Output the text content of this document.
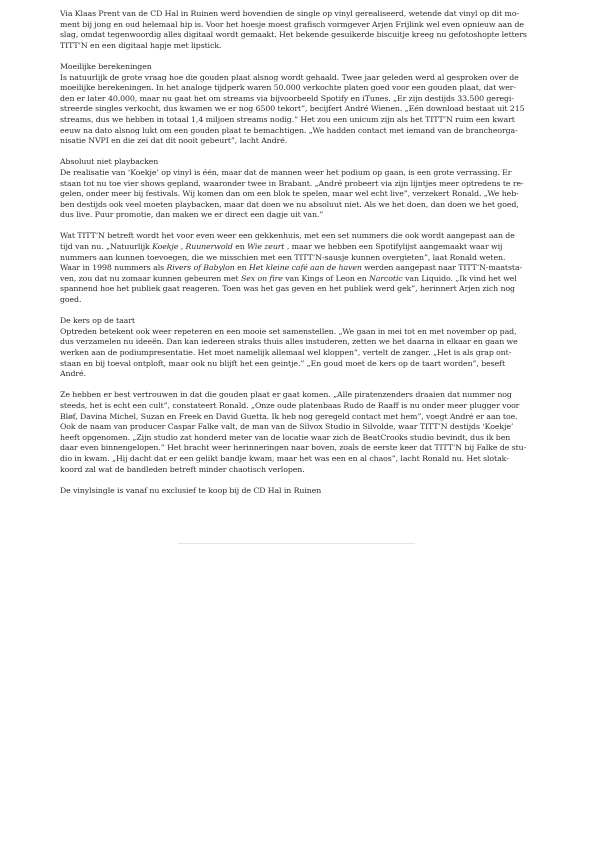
Via Klaas Prent van de CD Hal in Ruinen werd bovendien de single op vinyl gerealiseerd, wetende dat vinyl op dit mo-
ment bij jong en oud helemaal hip is. Voor het hoesje moest grafisch vormgever Arjen Frijlink wel even opnieuw aan de
slag, omdat tegenwoordig alles digitaal wordt gemaakt. Het bekende gesuikerde biscuitje kreeg nu gefotoshopte letters
TITT’N en een digitaal hapje met lipstick.

Moeilijke berekeningen
Is natuurlijk de grote vraag hoe die gouden plaat alsnog wordt gehaald. Twee jaar geleden werd al gesproken over de
moeilijke berekeningen. In het analoge tijdperk waren 50.000 verkochte platen goed voor een gouden plaat, dat wer-
den er later 40.000, maar nu gaat het om streams via bijvoorbeeld Spotify en iTunes. „Er zijn destijds 33.500 geregi-
streerde singles verkocht, dus kwamen we er nog 6500 tekort”, becijfert André Wienen. „Eén download bestaat uit 215
streams, dus we hebben in totaal 1,4 miljoen streams nodig.” Het zou een unicum zijn als het TITT’N ruim een kwart
eeuw na dato alsnog lukt om een gouden plaat te bemachtigen. „We hadden contact met iemand van de brancheorga-
nisatie NVPI en die zei dat dit nooit gebeurt”, lacht André.
Absoluut niet playbacken
De realisatie van ‘Koekje’ op vinyl is één, maar dat de mannen weer het podium op gaan, is een grote verrassing. Er
staan tot nu toe vier shows gepland, waaronder twee in Brabant. „André probeert via zijn lijntjes meer optredens te re-
gelen, onder meer bij festivals. Wij komen dan om een blok te spelen, maar wel echt live”, verzekert Ronald. „We heb-
ben destijds ook veel moeten playbacken, maar dat doen we nu absoluut niet. Als we het doen, dan doen we het goed,
dus live. Puur promotie, dan maken we er direct een dagje uit van.”

Wat TITT’N betreft wordt het voor even weer een gekkenhuis, met een set nummers die ook wordt aangepast aan de
tijd van nu. „Natuurlijk Koekje , Ruunerwold en Wie zeurt , maar we hebben een Spotifylijst aangemaakt waar wij
nummers aan kunnen toevoegen, die we misschien met een TITT’N-sausje kunnen overgieten”, laat Ronald weten.
Waar in 1998 nummers als Rivers of Babylon en Het kleine café aan de haven werden aangepast naar TITT’N-maatsta-
ven, zou dat nu zomaar kunnen gebeuren met Sex on fire van Kings of Leon en Narcotic van Liquido. „Ik vind het wel
spannend hoe het publiek gaat reageren. Toen was het gas geven en het publiek werd gek”, herinnert Arjen zich nog
goed.

De kers op de taart
Optreden betekent ook weer repeteren en een mooie set samenstellen. „We gaan in mei tot en met november op pad,
dus verzamelen nu ideeën. Dan kan iedereen straks thuis alles instuderen, zetten we het daarna in elkaar en gaan we
werken aan de podiumpresentatie. Het moet namelijk allemaal wel kloppen”, vertelt de zanger. „Het is als grap ont-
staan en bij toeval ontploft, maar ook nu blijft het een geintje.” „En goud moet de kers op de taart worden”, beseft
André.

Ze hebben er best vertrouwen in dat die gouden plaat er gaat komen. „Alle piratenzenders draaien dat nummer nog
steeds, het is echt een cult”, constateert Ronald. „Onze oude platenbaas Rudo de Raaff is nu onder meer plugger voor
Bløf, Davina Michel, Suzan en Freek en David Guetta. Ik heb nog geregeld contact met hem”, voegt André er aan toe.
Ook de naam van producer Caspar Falke valt, de man van de Silvox Studio in Silvolde, waar TITT’N destijds ‘Koekje’
heeft opgenomen. „Zijn studio zat honderd meter van de locatie waar zich de BeatCrooks studio bevindt, dus ik ben
daar even binnengelopen.” Het bracht weer herinneringen naar boven, zoals de eerste keer dat TITT’N bij Falke de stu-
dio in kwam. „Hij dacht dat er een gelikt bandje kwam, maar het was een en al chaos”, lacht Ronald nu. Het slotak-
koord zal wat de bandleden betreft minder chaotisch verlopen.

De vinylsingle is vanaf nu exclusief te koop bij de CD Hal in Ruinen
